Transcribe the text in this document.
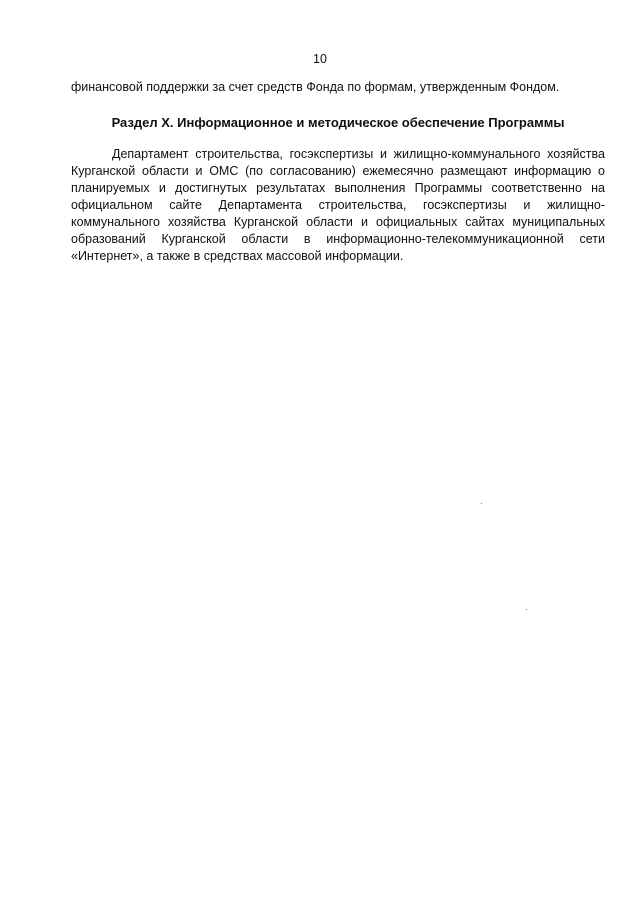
10

финансовой поддержки за счет средств Фонда по формам, утвержденным Фондом.

Раздел X. Информационное и методическое обеспечение Программы

Департамент строительства, госэкспертизы и жилищно-коммунального хозяйства Курганской области и ОМС (по согласованию) ежемесячно размещают информацию о планируемых и достигнутых результатах выполнения Программы соответственно на официальном сайте Департамента строительства, госэкспертизы и жилищно-коммунального хозяйства Курганской области и официальных сайтах муниципальных образований Курганской области в информационно-телекоммуникационной сети «Интернет», а также в средствах массовой информации.
